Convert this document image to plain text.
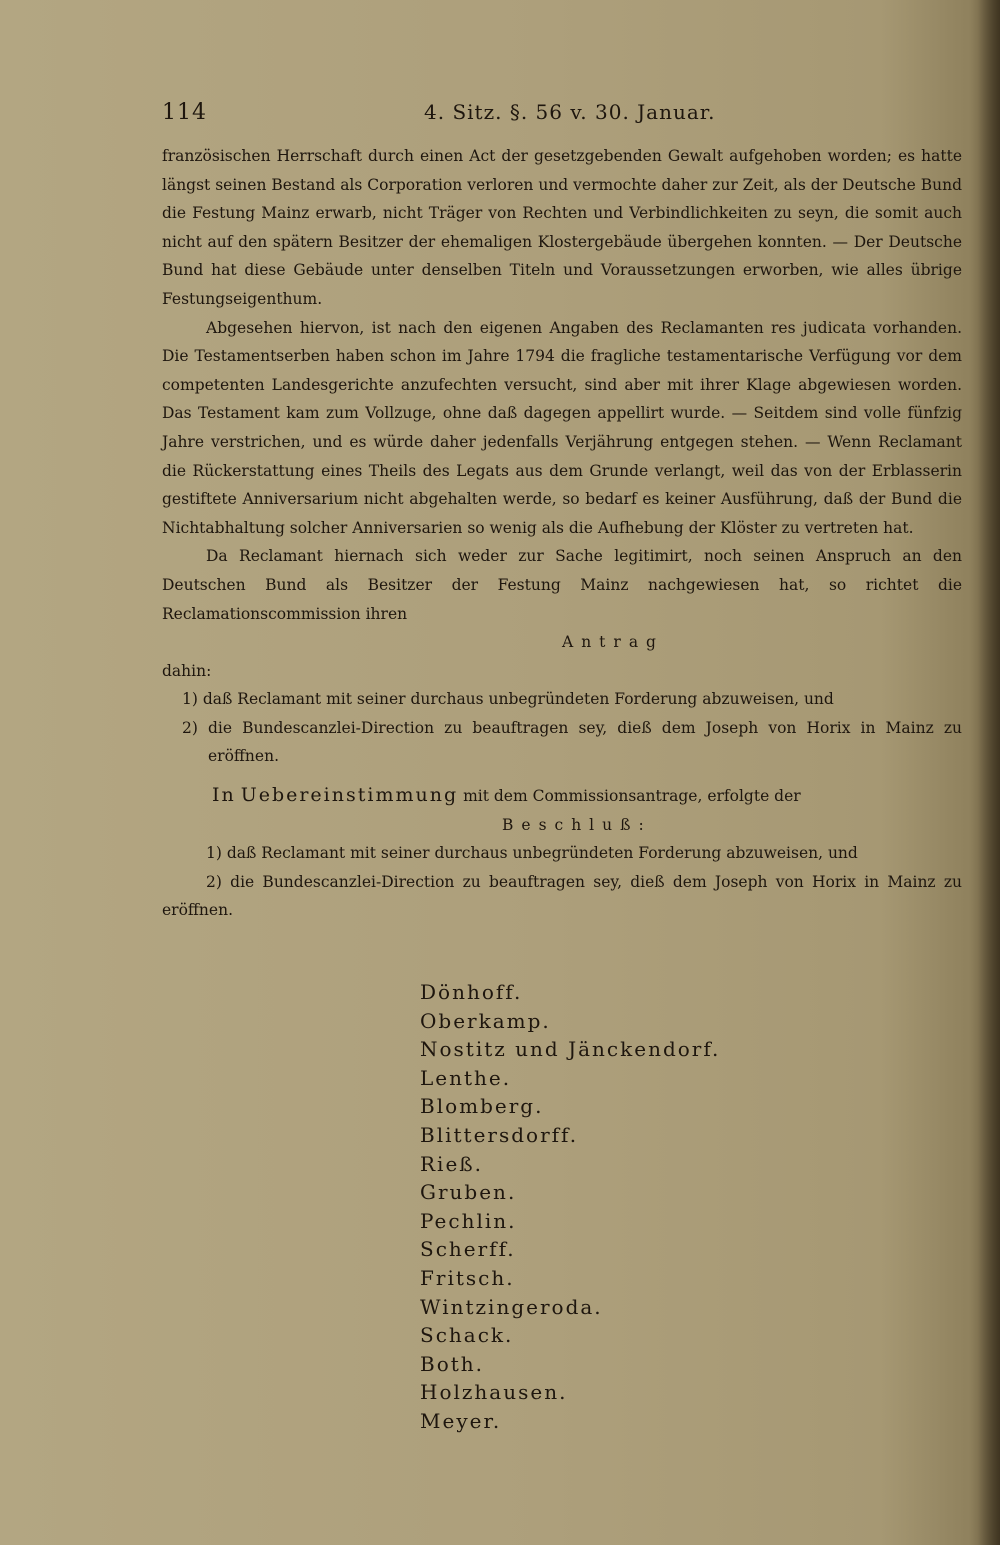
114	4. Sitz. §. 56 v. 30. Januar.

französischen Herrschaft durch einen Act der gesetzgebenden Gewalt aufgehoben worden; es hatte längst seinen Bestand als Corporation verloren und vermochte daher zur Zeit, als der Deutsche Bund die Festung Mainz erwarb, nicht Träger von Rechten und Verbindlichkeiten zu seyn, die somit auch nicht auf den spätern Besitzer der ehemaligen Klostergebäude übergehen konnten. — Der Deutsche Bund hat diese Gebäude unter denselben Titeln und Voraussetzungen erworben, wie alles übrige Festungseigenthum.

Abgesehen hiervon, ist nach den eigenen Angaben des Reclamanten res judicata vorhanden. Die Testamentserben haben schon im Jahre 1794 die fragliche testamentarische Verfügung vor dem competenten Landesgerichte anzufechten versucht, sind aber mit ihrer Klage abgewiesen worden. Das Testament kam zum Vollzuge, ohne daß dagegen appellirt wurde. — Seitdem sind volle fünfzig Jahre verstrichen, und es würde daher jedenfalls Verjährung entgegen stehen. — Wenn Reclamant die Rückerstattung eines Theils des Legats aus dem Grunde verlangt, weil das von der Erblasserin gestiftete Anniversarium nicht abgehalten werde, so bedarf es keiner Ausführung, daß der Bund die Nichtabhaltung solcher Anniversarien so wenig als die Aufhebung der Klöster zu vertreten hat.

Da Reclamant hiernach sich weder zur Sache legitimirt, noch seinen Anspruch an den Deutschen Bund als Besitzer der Festung Mainz nachgewiesen hat, so richtet die Reclamationscommission ihren

Antrag

dahin:

1) daß Reclamant mit seiner durchaus unbegründeten Forderung abzuweisen, und

2) die Bundescanzlei-Direction zu beauftragen sey, dieß dem Joseph von Horix in Mainz zu eröffnen.

In Uebereinstimmung mit dem Commissionsantrage, erfolgte der

Beschluß:

1) daß Reclamant mit seiner durchaus unbegründeten Forderung abzuweisen, und

2) die Bundescanzlei-Direction zu beauftragen sey, dieß dem Joseph von Horix in Mainz zu eröffnen.

Dönhoff.
Oberkamp.
Nostitz und Jänckendorf.
Lenthe.
Blomberg.
Blittersdorff.
Rieß.
Gruben.
Pechlin.
Scherff.
Fritsch.
Wintzingeroda.
Schack.
Both.
Holzhausen.
Meyer.
